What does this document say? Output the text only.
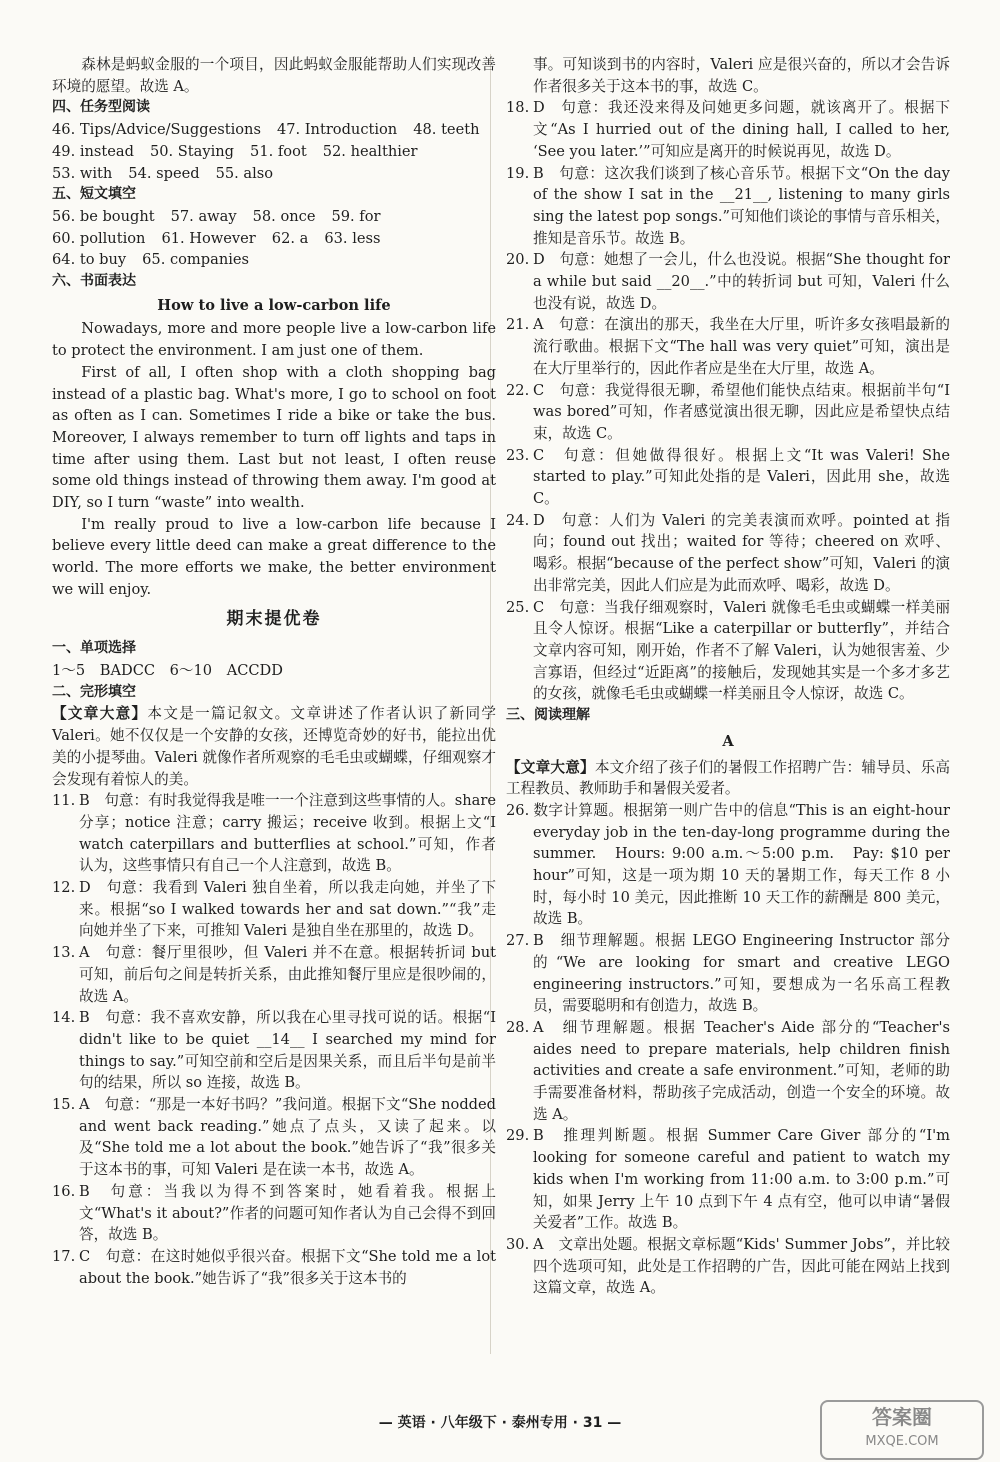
森林是蚂蚁金服的一个项目，因此蚂蚁金服能帮助人们实现改善环境的愿望。故选 A。

四、任务型阅读

46. Tips/Advice/Suggestions 47. Introduction 48. teeth

49. instead 50. Staying 51. foot 52. healthier

53. with 54. speed 55. also

五、短文填空

56. be bought 57. away 58. once 59. for

60. pollution 61. However 62. a 63. less

64. to buy 65. companies

六、书面表达

How to live a low-carbon life

Nowadays, more and more people live a low-carbon life to protect the environment. I am just one of them.

First of all, I often shop with a cloth shopping bag instead of a plastic bag. What's more, I go to school on foot as often as I can. Sometimes I ride a bike or take the bus. Moreover, I always remember to turn off lights and taps in time after using them. Last but not least, I often reuse some old things instead of throwing them away. I'm good at DIY, so I turn “waste” into wealth.

I'm really proud to live a low-carbon life because I believe every little deed can make a great difference to the world. The more efforts we make, the better environment we will enjoy.

期末提优卷

一、单项选择

1～5　BADCC　6～10　ACCDD

二、完形填空

【文章大意】本文是一篇记叙文。文章讲述了作者认识了新同学 Valeri。她不仅仅是一个安静的女孩，还博览奇妙的好书，能拉出优美的小提琴曲。Valeri 就像作者所观察的毛毛虫或蝴蝶，仔细观察才会发现有着惊人的美。

11. B　句意：有时我觉得我是唯一一个注意到这些事情的人。share 分享；notice 注意；carry 搬运；receive 收到。根据上文“I watch caterpillars and butterflies at school.”可知，作者认为，这些事情只有自己一个人注意到，故选 B。

12. D　句意：我看到 Valeri 独自坐着，所以我走向她，并坐了下来。根据“so I walked towards her and sat down.”“我”走向她并坐了下来，可推知 Valeri 是独自坐在那里的，故选 D。

13. A　句意：餐厅里很吵，但 Valeri 并不在意。根据转折词 but 可知，前后句之间是转折关系，由此推知餐厅里应是很吵闹的，故选 A。

14. B　句意：我不喜欢安静，所以我在心里寻找可说的话。根据“I didn't like to be quiet __14__ I searched my mind for things to say.”可知空前和空后是因果关系，而且后半句是前半句的结果，所以 so 连接，故选 B。

15. A　句意：“那是一本好书吗？”我问道。根据下文“She nodded and went back reading.”她点了点头，又读了起来。以及“She told me a lot about the book.”她告诉了“我”很多关于这本书的事，可知 Valeri 是在读一本书，故选 A。

16. B　句意：当我以为得不到答案时，她看着我。根据上文“What's it about?”作者的问题可知作者认为自己会得不到回答，故选 B。

17. C　句意：在这时她似乎很兴奋。根据下文“She told me a lot about the book.”她告诉了“我”很多关于这本书的

事。可知谈到书的内容时，Valeri 应是很兴奋的，所以才会告诉作者很多关于这本书的事，故选 C。

18. D　句意：我还没来得及问她更多问题，就该离开了。根据下文“As I hurried out of the dining hall, I called to her, ‘See you later.’”可知应是离开的时候说再见，故选 D。

19. B　句意：这次我们谈到了核心音乐节。根据下文“On the day of the show I sat in the __21__, listening to many girls sing the latest pop songs.”可知他们谈论的事情与音乐相关，推知是音乐节。故选 B。

20. D　句意：她想了一会儿，什么也没说。根据“She thought for a while but said __20__.”中的转折词 but 可知，Valeri 什么也没有说，故选 D。

21. A　句意：在演出的那天，我坐在大厅里，听许多女孩唱最新的流行歌曲。根据下文“The hall was very quiet”可知，演出是在大厅里举行的，因此作者应是坐在大厅里，故选 A。

22. C　句意：我觉得很无聊，希望他们能快点结束。根据前半句“I was bored”可知，作者感觉演出很无聊，因此应是希望快点结束，故选 C。

23. C　句意：但她做得很好。根据上文“It was Valeri! She started to play.”可知此处指的是 Valeri，因此用 she，故选 C。

24. D　句意：人们为 Valeri 的完美表演而欢呼。pointed at 指向；found out 找出；waited for 等待；cheered on 欢呼、喝彩。根据“because of the perfect show”可知，Valeri 的演出非常完美，因此人们应是为此而欢呼、喝彩，故选 D。

25. C　句意：当我仔细观察时，Valeri 就像毛毛虫或蝴蝶一样美丽且令人惊讶。根据“Like a caterpillar or butterfly”，并结合文章内容可知，刚开始，作者不了解 Valeri，认为她很害羞、少言寡语，但经过“近距离”的接触后，发现她其实是一个多才多艺的女孩，就像毛毛虫或蝴蝶一样美丽且令人惊讶，故选 C。

三、阅读理解

A

【文章大意】本文介绍了孩子们的暑假工作招聘广告：辅导员、乐高工程教员、教师助手和暑假关爱者。

26. 数字计算题。根据第一则广告中的信息“This is an eight-hour everyday job in the ten-day-long programme during the summer.　Hours: 9:00 a.m.～5:00 p.m.　Pay: $10 per hour”可知，这是一项为期 10 天的暑期工作，每天工作 8 小时，每小时 10 美元，因此推断 10 天工作的薪酬是 800 美元，故选 B。

27. B　细节理解题。根据 LEGO Engineering Instructor 部分的“We are looking for smart and creative LEGO engineering instructors.”可知，要想成为一名乐高工程教员，需要聪明和有创造力，故选 B。

28. A　细节理解题。根据 Teacher's Aide 部分的“Teacher's aides need to prepare materials, help children finish activities and create a safe environment.”可知，老师的助手需要准备材料，帮助孩子完成活动，创造一个安全的环境。故选 A。

29. B　推理判断题。根据 Summer Care Giver 部分的“I'm looking for someone careful and patient to watch my kids when I'm working from 11:00 a.m. to 3:00 p.m.”可知，如果 Jerry 上午 10 点到下午 4 点有空，他可以申请“暑假关爱者”工作。故选 B。

30. A　文章出处题。根据文章标题“Kids' Summer Jobs”，并比较四个选项可知，此处是工作招聘的广告，因此可能在网站上找到这篇文章，故选 A。

— 英语 · 八年级下 · 泰州专用 · 31 —	答案圈
MXQE.COM
